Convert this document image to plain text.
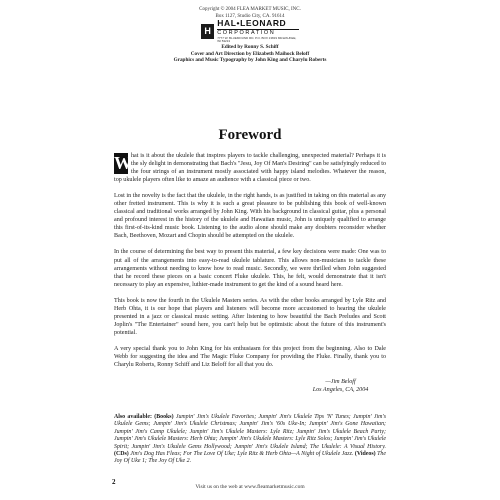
Copyright © 2004 FLEA MARKET MUSIC, INC.
Box 1127, Studio City, CA. 91614
H
HAL•LEONARD
CORPORATION
7777 W. BLUEMOUND RD. P.O. BOX 13819 MILWAUKEE, WI 53213
Edited by Ronny S. Schiff
Cover and Art Direction by Elizabeth Maihock Beloff
Graphics and Music Typography by John King and Charylu Roberts
Foreword

W hat is it about the ukulele that inspires players to tackle challenging, unexpected material? Perhaps it is the sly delight in demonstrating that Bach's "Jesu, Joy Of Man's Desiring" can be satisfyingly reduced to the four strings of an instrument mostly associated with happy island melodies. Whatever the reason, top ukulele players often like to amaze an audience with a classical piece or two.

Lost in the novelty is the fact that the ukulele, in the right hands, is as justified in taking on this material as any other fretted instrument. This is why it is such a great pleasure to be publishing this book of well-known classical and traditional works arranged by John King. With his background in classical guitar, plus a personal and profound interest in the history of the ukulele and Hawaiian music, John is uniquely qualified to arrange this first-of-its-kind music book. Listening to the audio alone should make any doubters reconsider whether Bach, Beethoven, Mozart and Chopin should be attempted on the ukulele.

In the course of determining the best way to present this material, a few key decisions were made: One was to put all of the arrangements into easy-to-read ukulele tablature. This allows non-musicians to tackle these arrangements without needing to know how to read music. Secondly, we were thrilled when John suggested that he record these pieces on a basic concert Fluke ukulele. This, he felt, would demonstrate that it isn't necessary to play an expensive, luthier-made instrument to get the kind of a sound heard here.

This book is now the fourth in the Ukulele Masters series. As with the other books arranged by Lyle Ritz and Herb Ohta, it is our hope that players and listeners will become more accustomed to hearing the ukulele presented in a jazz or classical music setting. After listening to how beautiful the Bach Preludes and Scott Joplin's "The Entertainer" sound here, you can't help but be optimistic about the future of this instrument's potential.

A very special thank you to John King for his enthusiasm for this project from the beginning. Also to Dale Webb for suggesting the idea and The Magic Fluke Company for providing the Fluke. Finally, thank you to Charylu Roberts, Ronny Schiff and Liz Beloff for all that you do.

—Jim Beloff
Los Angeles, CA, 2004
Also available: (Books) Jumpin' Jim's Ukulele Favorites; Jumpin' Jim's Ukulele Tips 'N' Tunes; Jumpin' Jim's Ukulele Gems; Jumpin' Jim's Ukulele Christmas; Jumpin' Jim's '60s Uke-In; Jumpin' Jim's Gone Hawaiian; Jumpin' Jim's Camp Ukulele; Jumpin' Jim's Ukulele Masters: Lyle Ritz; Jumpin' Jim's Ukulele Beach Party; Jumpin' Jim's Ukulele Masters: Herb Ohta; Jumpin' Jim's Ukulele Masters: Lyle Ritz Solos; Jumpin' Jim's Ukulele Spirit; Jumpin' Jim's Ukulele Gems Hollywood; Jumpin' Jim's Ukulele Island; The Ukulele: A Visual History. (CDs) Jim's Dog Has Fleas; For The Love Of Uke; Lyle Ritz & Herb Ohta—A Night of Ukulele Jazz. (Videos) The Joy Of Uke 1; The Joy Of Uke 2.
2
Visit us on the web at www.fleamarketmusic.com
